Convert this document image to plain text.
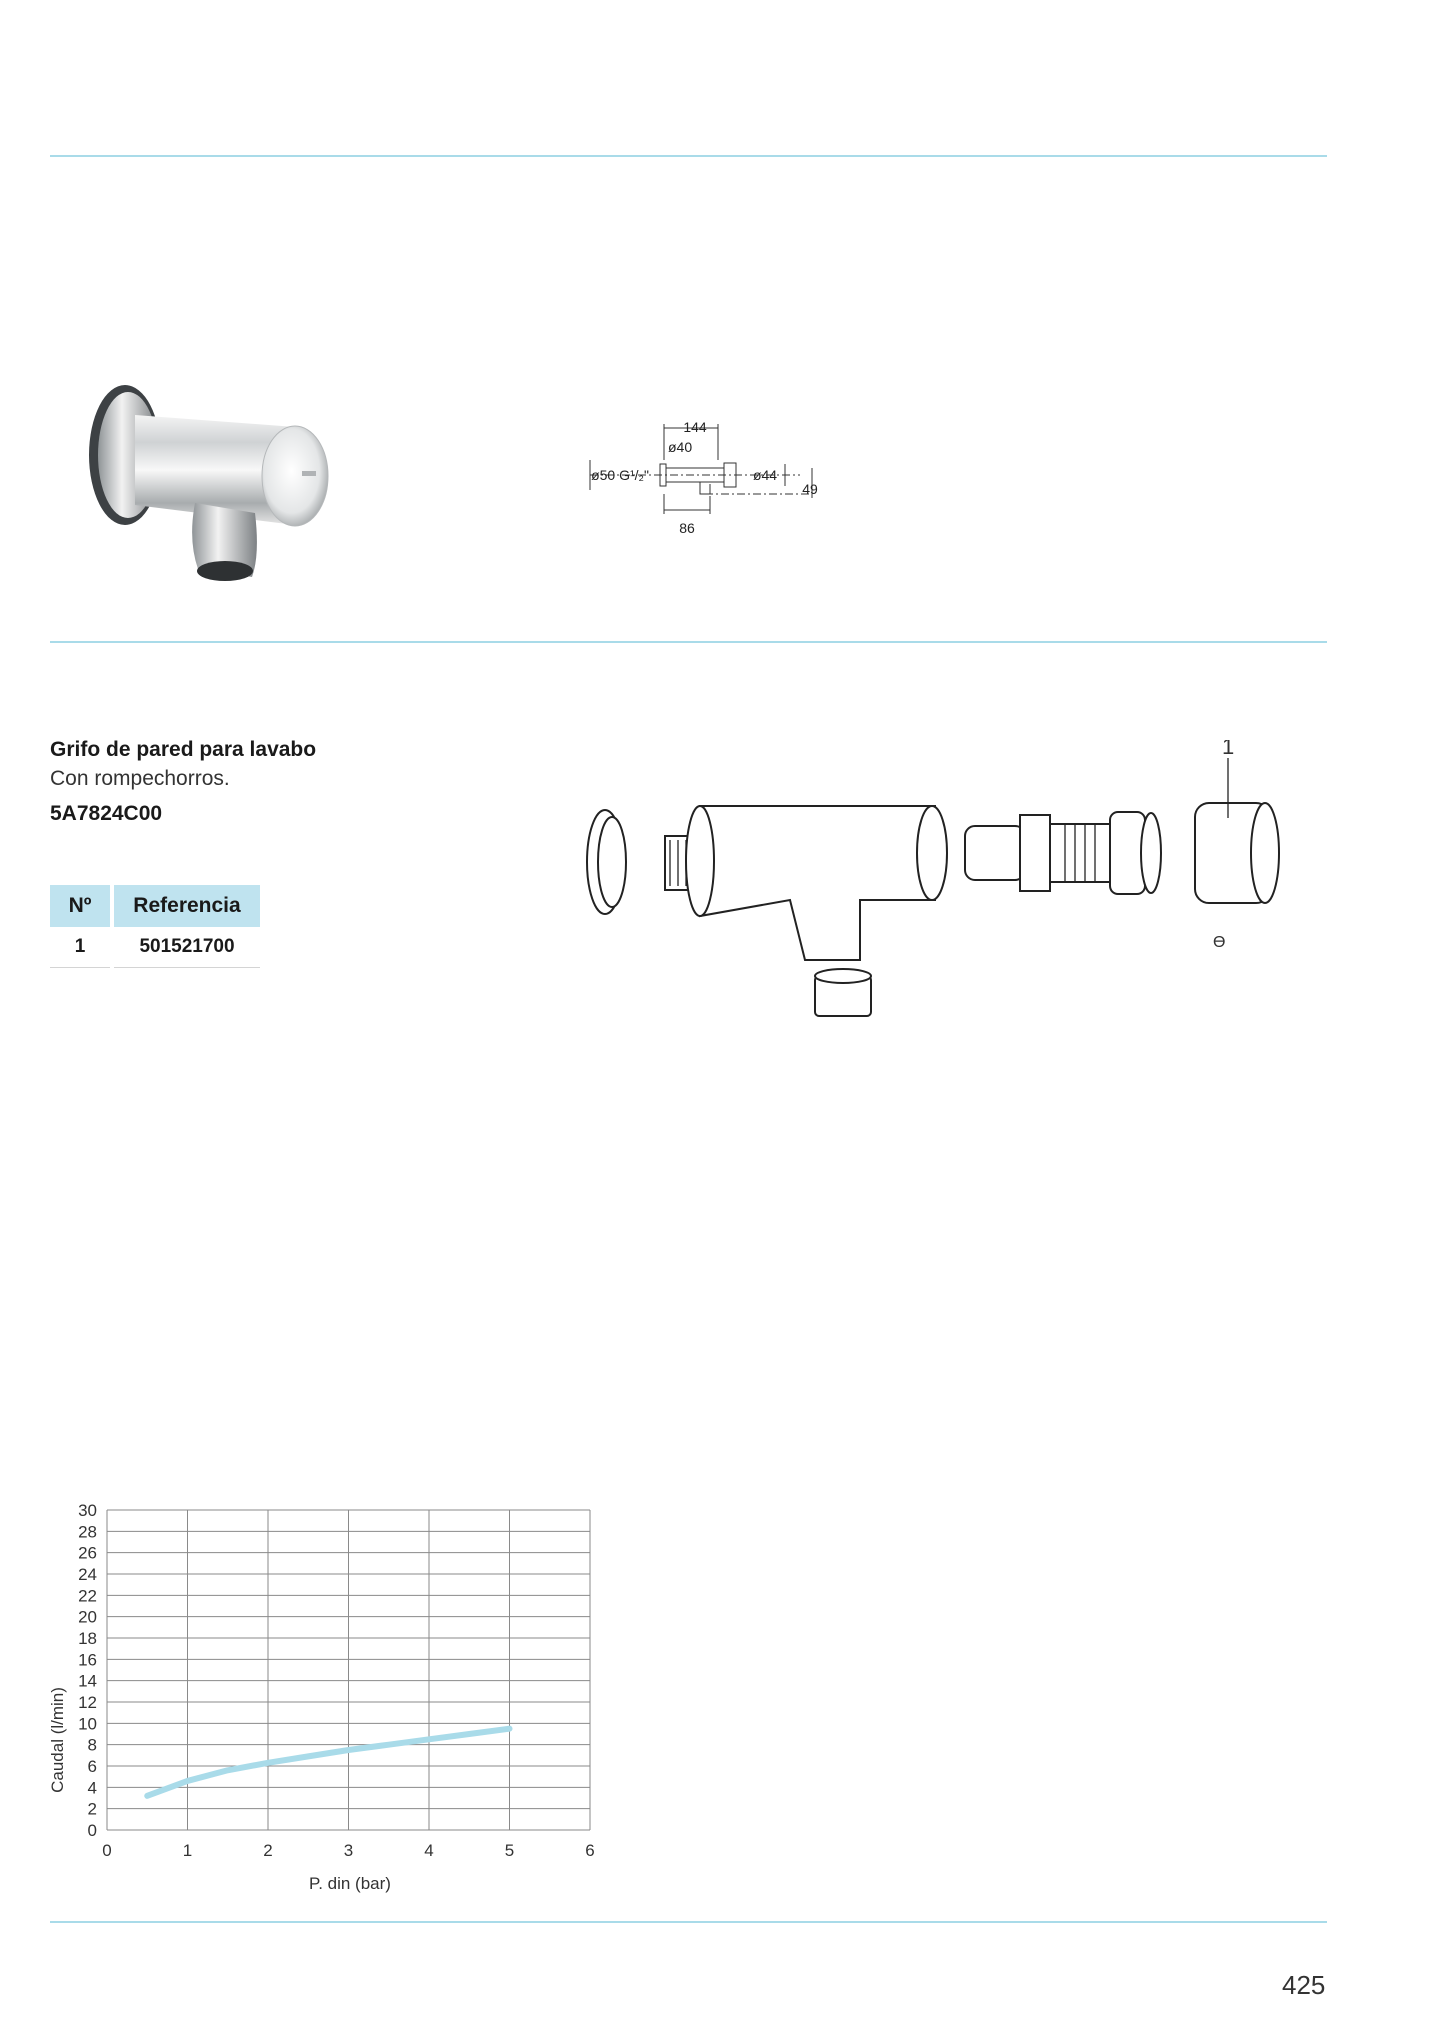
144
ø40
ø50 G¹/₂"	ø44
49
86
1
ϴ
Grifo de pared para lavabo
Con rompechorros.
5A7824C00
Nº	Referencia
1	501521700
0
2
4
6
8
10
12
14
16
18
20
22
24
26
28
30
0	1	2	3	4	5	6
P. din (bar)
Caudal (l/min)
425
